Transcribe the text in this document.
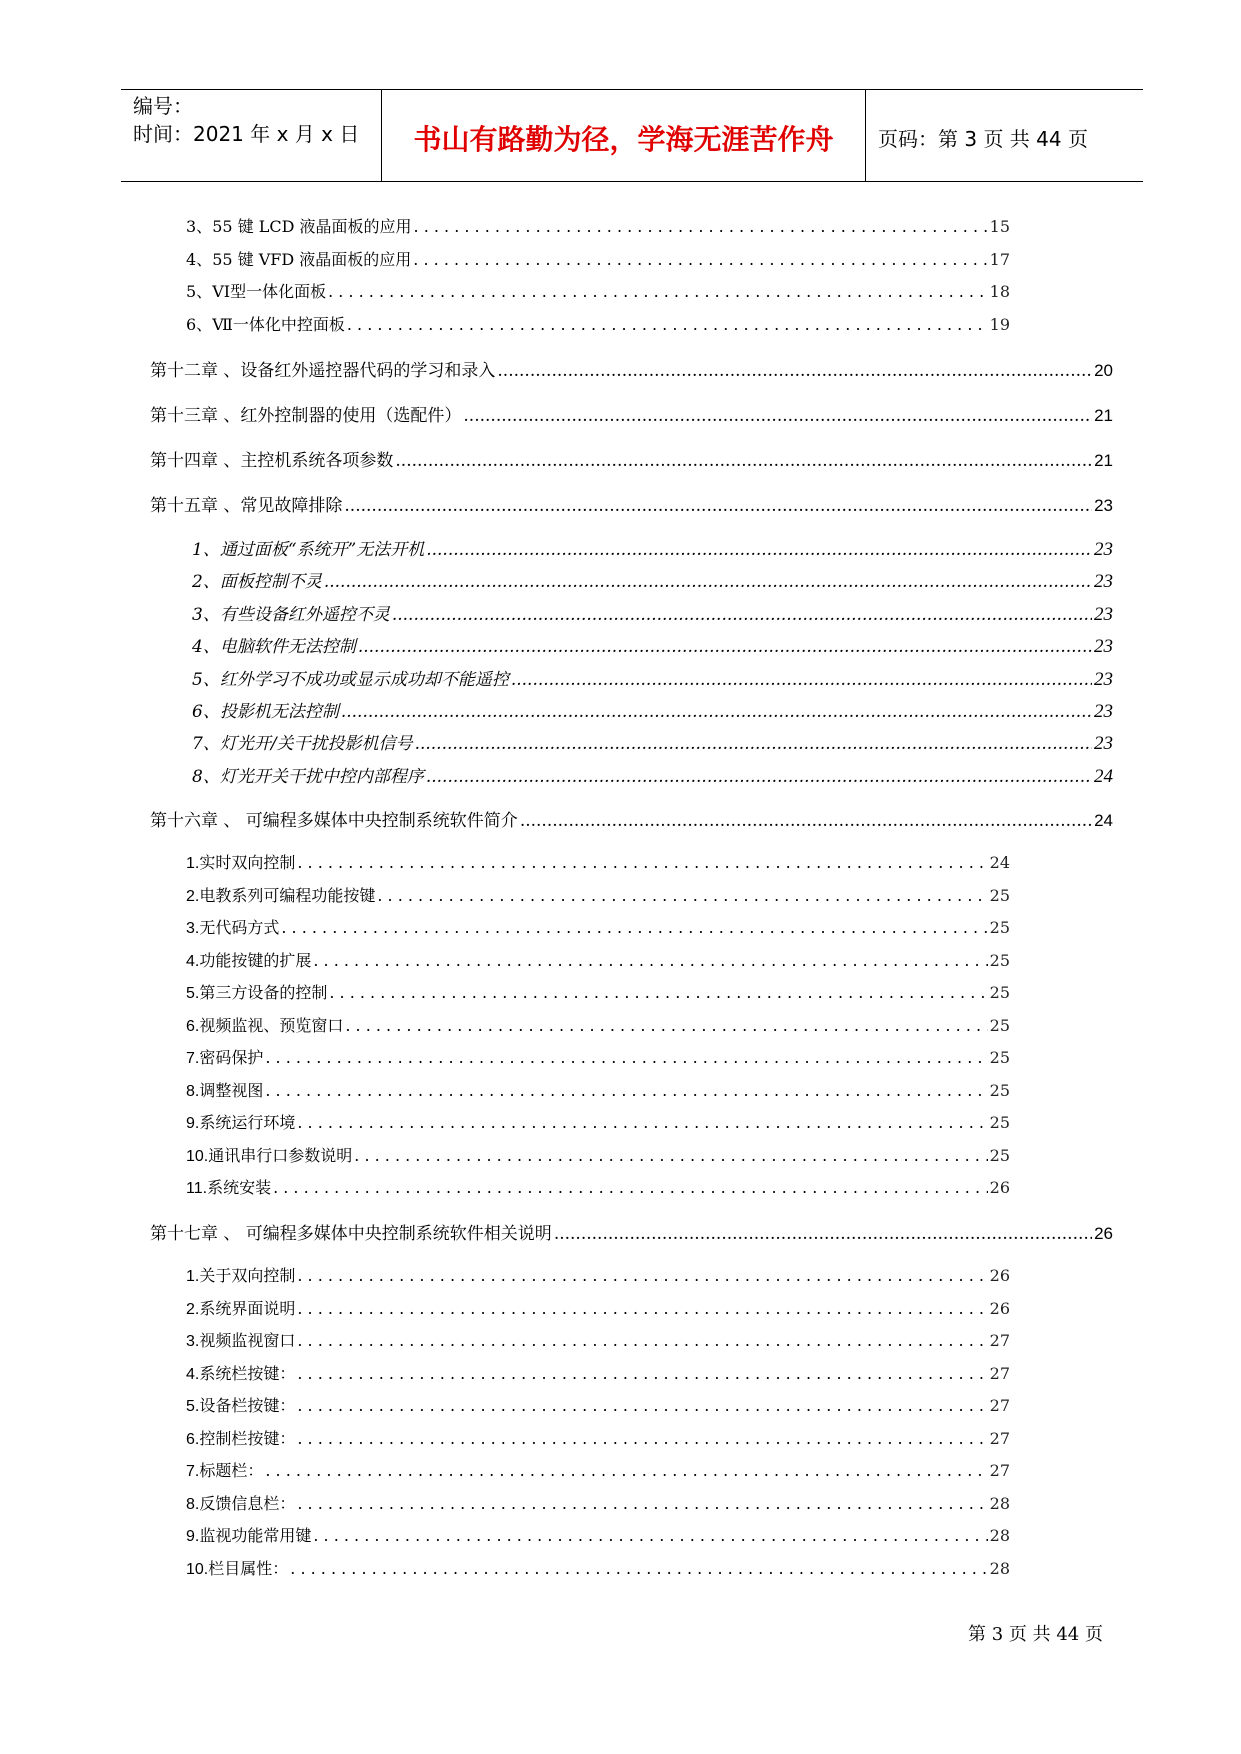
编号：
时间：2021 年 x 月 x 日	书山有路勤为径，学海无涯苦作舟	页码：第 3 页 共 44 页
3、 55 键 LCD 液晶面板的应用 . . .	15
4、 55 键 VFD 液晶面板的应用 . . .	17
5、 VI型一体化面板 . . .	18
6、 Ⅶ一体化中控面板 . . .	19
第十二章 、设备红外遥控器代码的学习和录入 .....	20
第十三章 、红外控制器的使用（选配件） .....	21
第十四章 、主控机系统各项参数 .....	21
第十五章 、常见故障排除 .....	23
1、 通过面板“系统开”无法开机 .....	23
2、 面板控制不灵 .....	23
3、 有些设备红外遥控不灵 .....	23
4、 电脑软件无法控制 .....	23
5、 红外学习不成功或显示成功却不能遥控 .....	23
6、 投影机无法控制 .....	23
7、 灯光开/关干扰投影机信号 .....	23
8、 灯光开关干扰中控内部程序 .....	24
第十六章 、 可编程多媒体中央控制系统软件简介 .....	24
1. 实时双向控制 . . .	24
2. 电教系列可编程功能按键 . . .	25
3. 无代码方式 . . .	25
4. 功能按键的扩展 . . .	25
5. 第三方设备的控制 . . .	25
6. 视频监视、预览窗口 . . .	25
7. 密码保护 . . .	25
8. 调整视图 . . .	25
9. 系统运行环境 . . .	25
10. 通讯串行口参数说明 . . .	25
11. 系统安装 . . .	26
第十七章 、 可编程多媒体中央控制系统软件相关说明 .....	26
1. 关于双向控制 . . .	26
2. 系统界面说明 . . .	26
3. 视频监视窗口 . . .	27
4. 系统栏按键： . . .	27
5. 设备栏按键： . . .	27
6. 控制栏按键： . . .	27
7. 标题栏： . . .	27
8. 反馈信息栏： . . .	28
9. 监视功能常用键 . . .	28
10. 栏目属性： . . .	28
第 3 页 共 44 页
